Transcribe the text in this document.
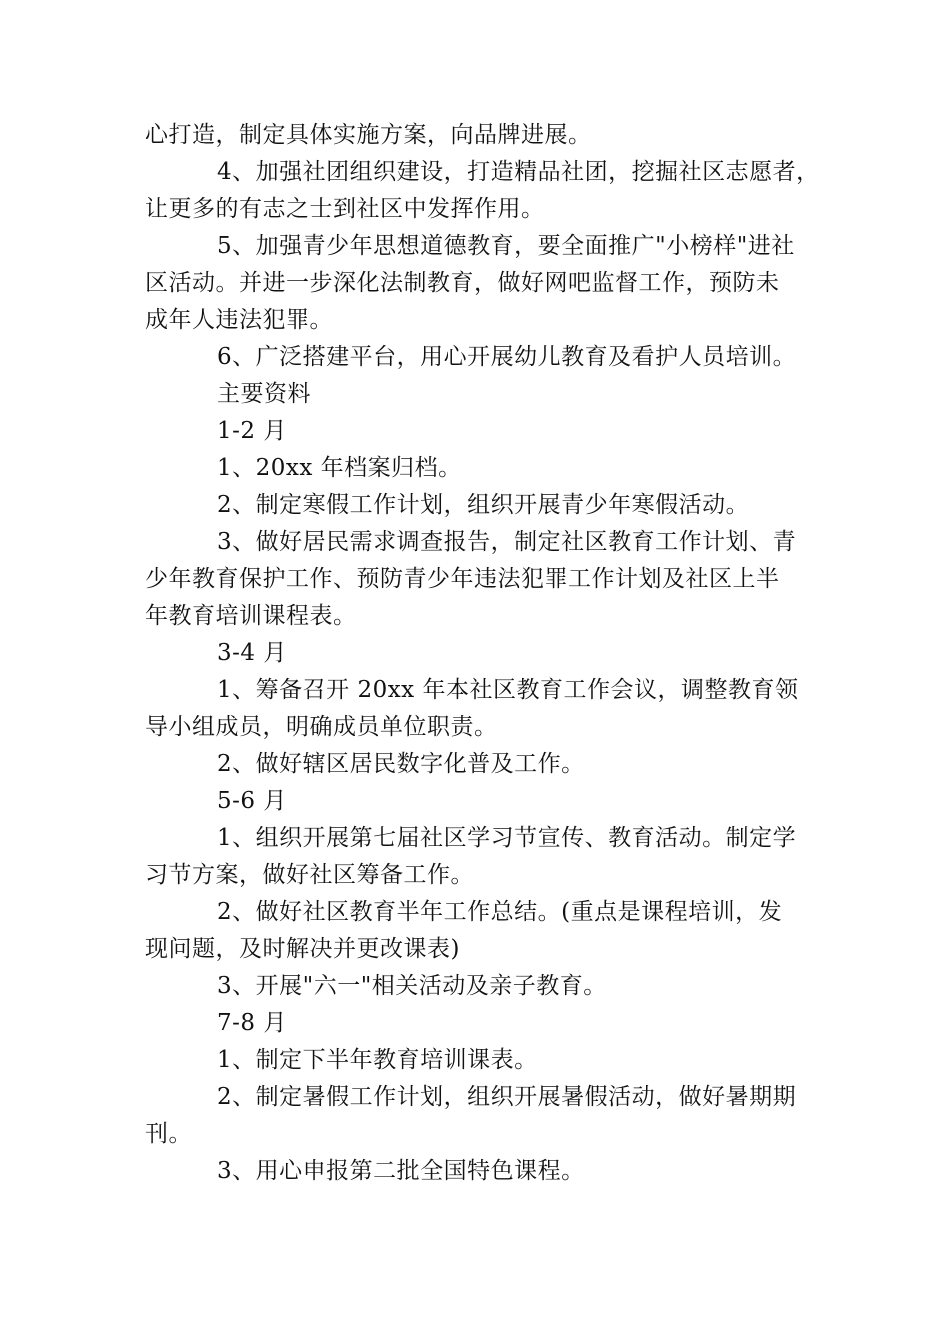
心打造，制定具体实施方案，向品牌进展。
4、加强社团组织建设，打造精品社团，挖掘社区志愿者，
让更多的有志之士到社区中发挥作用。
5、加强青少年思想道德教育，要全面推广"小榜样"进社
区活动。并进一步深化法制教育，做好网吧监督工作，预防未
成年人违法犯罪。
6、广泛搭建平台，用心开展幼儿教育及看护人员培训。
主要资料
1-2 月
1、20xx 年档案归档。
2、制定寒假工作计划，组织开展青少年寒假活动。
3、做好居民需求调查报告，制定社区教育工作计划、青
少年教育保护工作、预防青少年违法犯罪工作计划及社区上半
年教育培训课程表。
3-4 月
1、筹备召开 20xx 年本社区教育工作会议，调整教育领
导小组成员，明确成员单位职责。
2、做好辖区居民数字化普及工作。
5-6 月
1、组织开展第七届社区学习节宣传、教育活动。制定学
习节方案，做好社区筹备工作。
2、做好社区教育半年工作总结。(重点是课程培训，发
现问题，及时解决并更改课表)
3、开展"六一"相关活动及亲子教育。
7-8 月
1、制定下半年教育培训课表。
2、制定暑假工作计划，组织开展暑假活动，做好暑期期
刊。
3、用心申报第二批全国特色课程。
